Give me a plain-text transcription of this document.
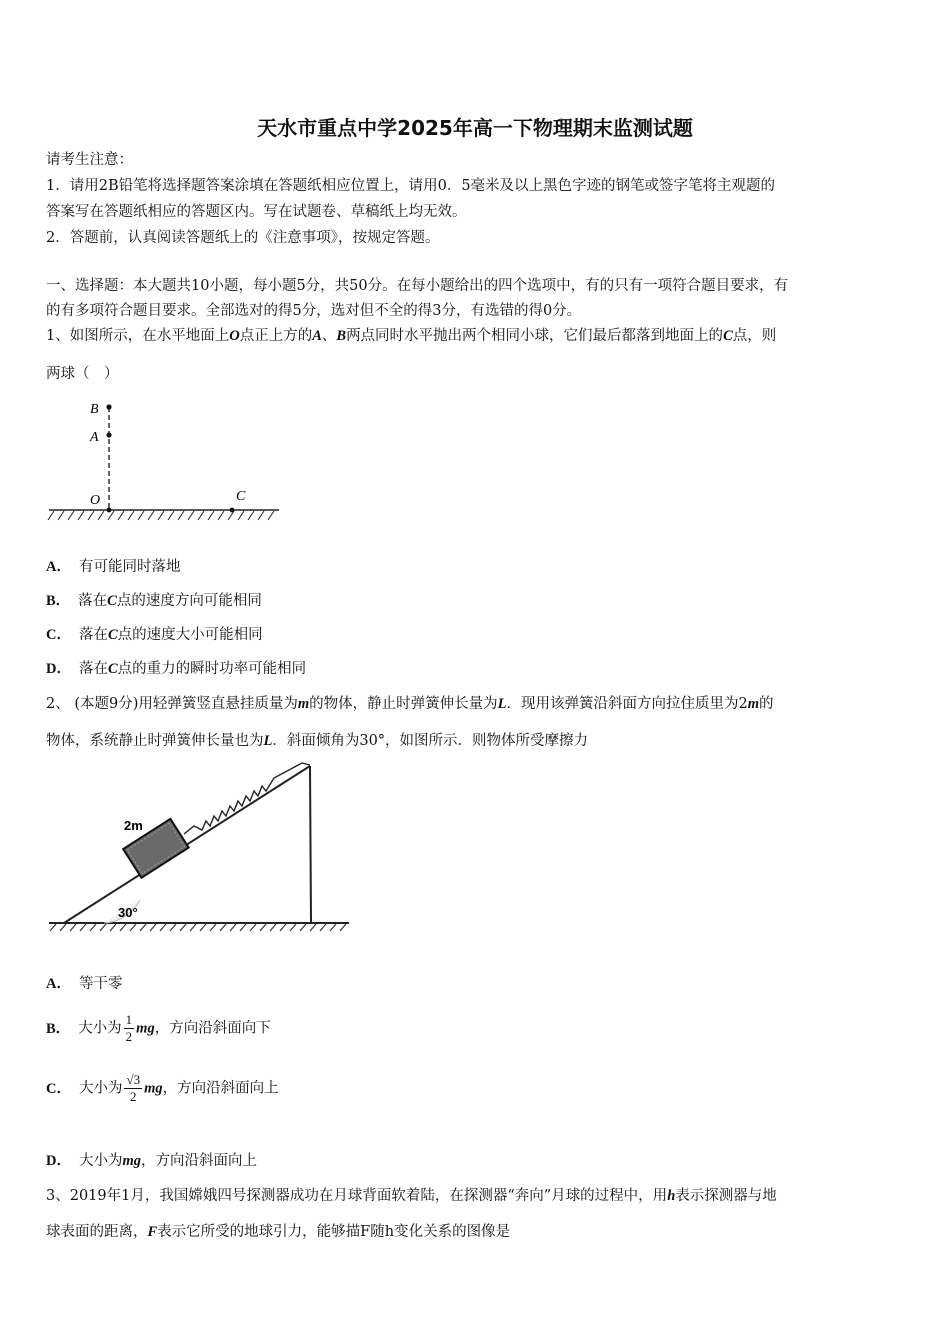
天水市重点中学2025年高一下物理期末监测试题
请考生注意：
1．请用2B铅笔将选择题答案涂填在答题纸相应位置上，请用0．5毫米及以上黑色字迹的钢笔或签字笔将主观题的
答案写在答题纸相应的答题区内。写在试题卷、草稿纸上均无效。
2．答题前，认真阅读答题纸上的《注意事项》，按规定答题。
一、选择题：本大题共10小题，每小题5分，共50分。在每小题给出的四个选项中，有的只有一项符合题目要求，有
的有多项符合题目要求。全部选对的得5分，选对但不全的得3分，有选错的得0分。
1、如图所示，在水平地面上O点正上方的A、B两点同时水平抛出两个相同小球，它们最后都落到地面上的C点，则
两球（　）
B
A
O	C
A． 有可能同时落地
B． 落在C点的速度方向可能相同
C． 落在C点的速度大小可能相同
D． 落在C点的重力的瞬时功率可能相同
2、 (本题9分)用轻弹簧竖直悬挂质量为m的物体，静止时弹簧伸长量为L．现用该弹簧沿斜面方向拉住质里为2m的
物体，系统静止时弹簧伸长量也为L．斜面倾角为30°，如图所示．则物体所受摩擦力
30°
2m
A． 等干零
B． 大小为 $\frac{1}{2}$ mg，方向沿斜面向下
C． 大小为 $\frac{√3}{2}$ mg，方向沿斜面向上
D． 大小为mg，方向沿斜面向上
3、2019年1月，我国嫦娥四号探测器成功在月球背面软着陆，在探测器“奔向”月球的过程中，用h表示探测器与地
球表面的距离，F表示它所受的地球引力，能够描F随h变化关系的图像是
